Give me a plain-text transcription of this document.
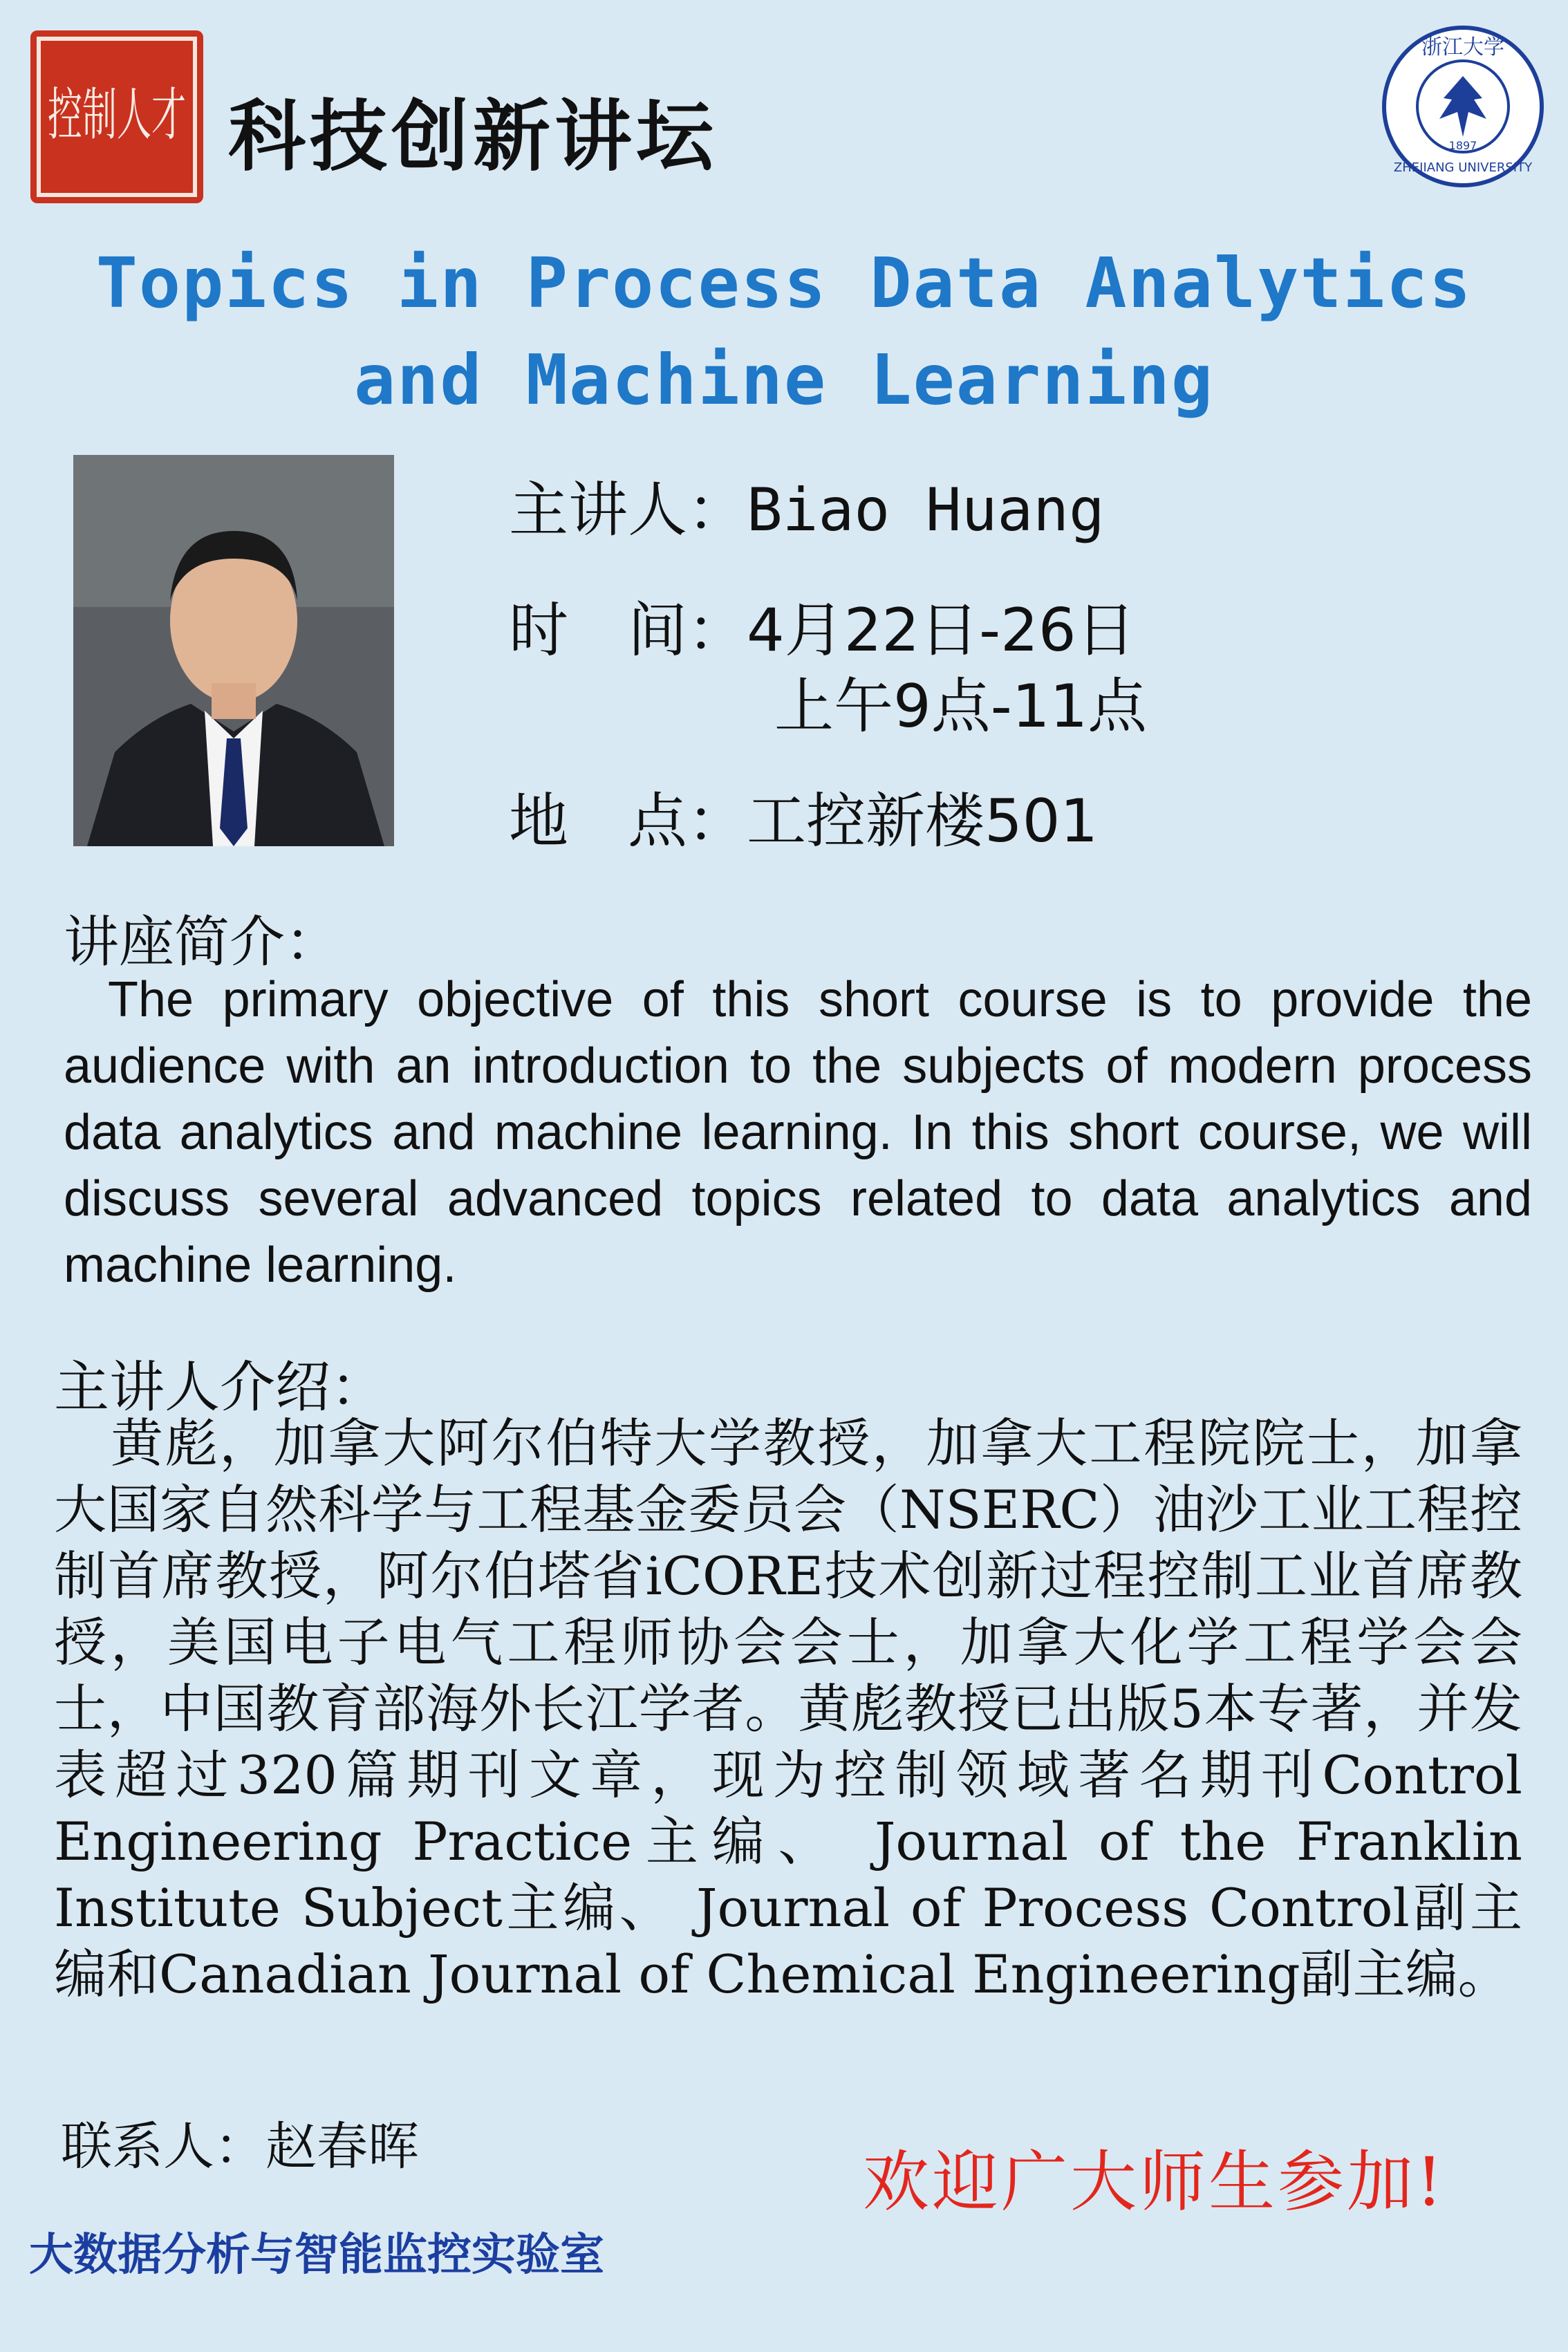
控制人才 科技创新讲坛
浙江大学
1897
ZHEJIANG UNIVERSITY
Topics in Process Data Analytics
and Machine Learning
主讲人：Biao Huang
时　间：4月22日-26日
上午9点-11点
地　点：工控新楼501
讲座简介：
The primary objective of this short course is to provide the audience with an introduction to the subjects of modern process data analytics and machine learning. In this short course, we will discuss several advanced topics related to data analytics and machine learning.
主讲人介绍：
黄彪，加拿大阿尔伯特大学教授，加拿大工程院院士，加拿大国家自然科学与工程基金委员会（NSERC）油沙工业工程控制首席教授，阿尔伯塔省iCORE技术创新过程控制工业首席教授，美国电子电气工程师协会会士，加拿大化学工程学会会士，中国教育部海外长江学者。黄彪教授已出版5本专著，并发表超过320篇期刊文章，现为控制领域著名期刊Control Engineering Practice主编、 Journal of the Franklin Institute Subject主编、 Journal of Process Control副主编和Canadian Journal of Chemical Engineering副主编。
联系人：赵春晖	欢迎广大师生参加!
大数据分析与智能监控实验室
